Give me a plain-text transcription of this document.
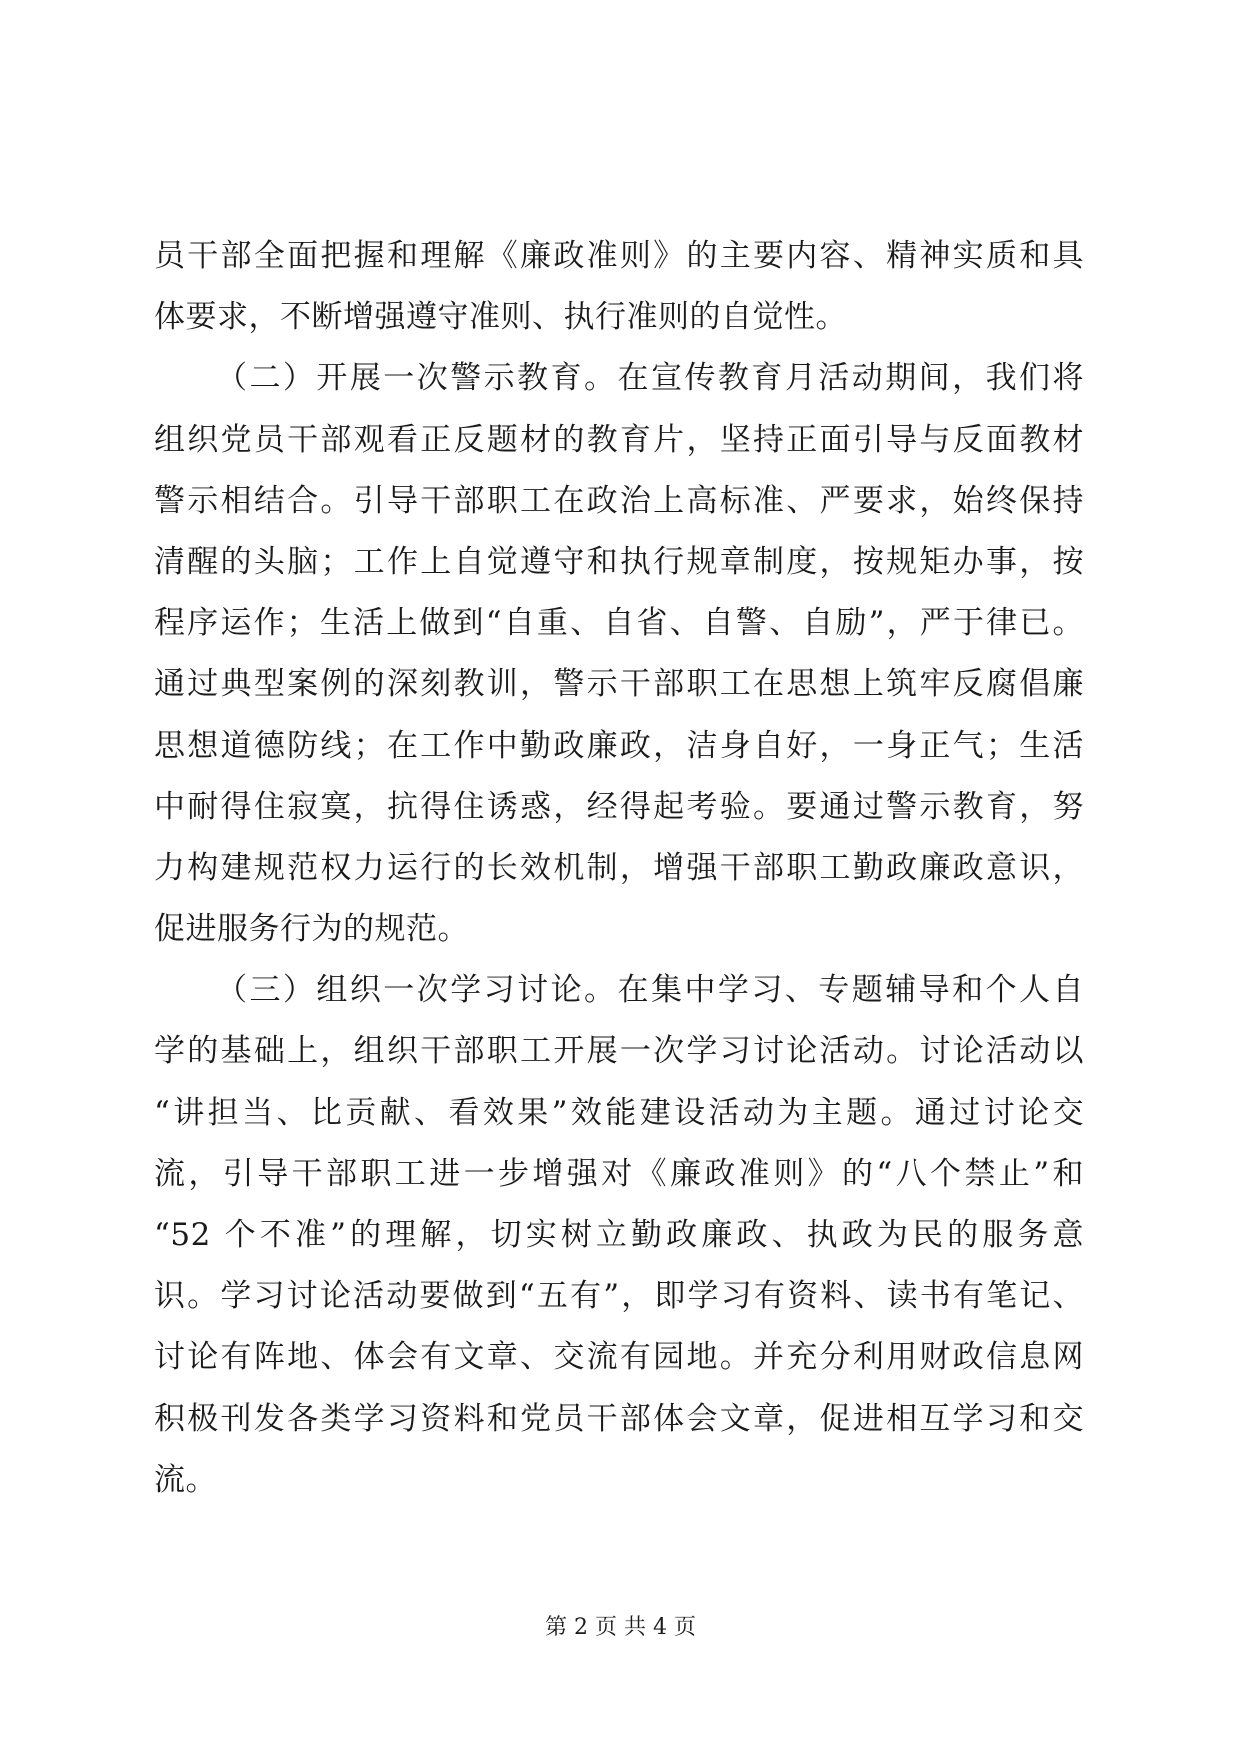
员干部全面把握和理解《廉政准则》的主要内容、精神实质和具
体要求，不断增强遵守准则、执行准则的自觉性。
（二）开展一次警示教育。在宣传教育月活动期间，我们将
组织党员干部观看正反题材的教育片，坚持正面引导与反面教材
警示相结合。引导干部职工在政治上高标准、严要求，始终保持
清醒的头脑；工作上自觉遵守和执行规章制度，按规矩办事，按
程序运作；生活上做到“自重、自省、自警、自励”，严于律已。
通过典型案例的深刻教训，警示干部职工在思想上筑牢反腐倡廉
思想道德防线；在工作中勤政廉政，洁身自好，一身正气；生活
中耐得住寂寞，抗得住诱惑，经得起考验。要通过警示教育，努
力构建规范权力运行的长效机制，增强干部职工勤政廉政意识，
促进服务行为的规范。
（三）组织一次学习讨论。在集中学习、专题辅导和个人自
学的基础上，组织干部职工开展一次学习讨论活动。讨论活动以
“讲担当、比贡献、看效果”效能建设活动为主题。通过讨论交
流，引导干部职工进一步增强对《廉政准则》的“八个禁止”和
“52 个不准”的理解，切实树立勤政廉政、执政为民的服务意
识。学习讨论活动要做到“五有”，即学习有资料、读书有笔记、
讨论有阵地、体会有文章、交流有园地。并充分利用财政信息网
积极刊发各类学习资料和党员干部体会文章，促进相互学习和交
流。
第 2 页 共 4 页
